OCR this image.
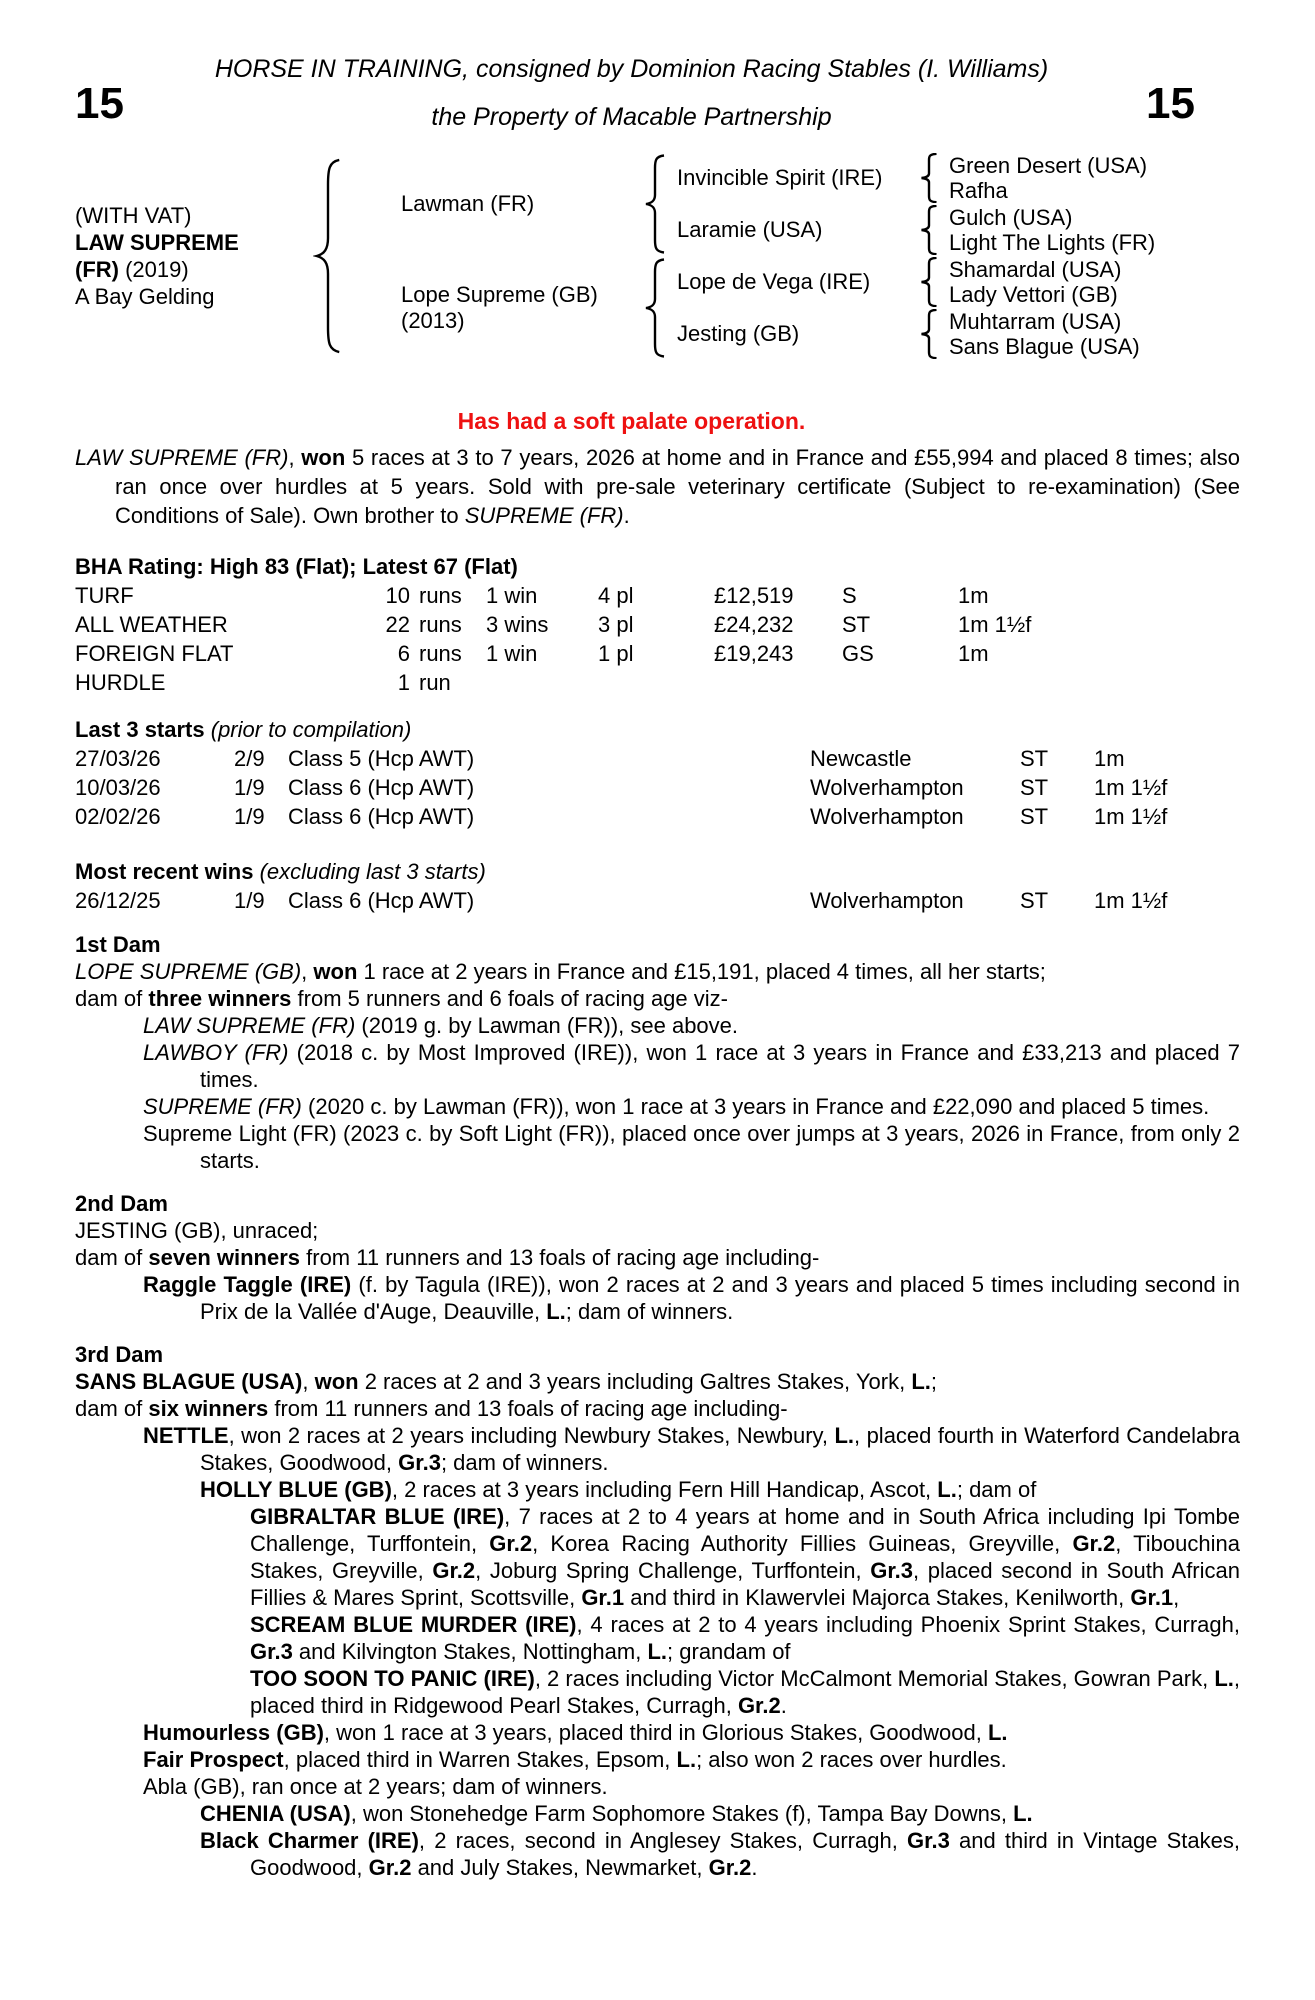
15	15
HORSE IN TRAINING, consigned by Dominion Racing Stables (I. Williams)
the Property of Macable Partnership
(WITH VAT)
LAW SUPREME
(FR) (2019)
A Bay Gelding
Lawman (FR)
Invincible Spirit (IRE)	Green Desert (USA)
Rafha
Laramie (USA)	Gulch (USA)
Light The Lights (FR)
Lope Supreme (GB)
(2013)
Lope de Vega (IRE)	Shamardal (USA)
Lady Vettori (GB)
Jesting (GB)	Muhtarram (USA)
Sans Blague (USA)
Has had a soft palate operation.

LAW SUPREME (FR), won 5 races at 3 to 7 years, 2026 at home and in France and £55,994 and placed 8 times; also ran once over hurdles at 5 years. Sold with pre-sale veterinary certificate (Subject to re-examination) (See Conditions of Sale). Own brother to SUPREME (FR).

BHA Rating: High 83 (Flat); Latest 67 (Flat)
TURF	10 runs	1 win	4 pl	£12,519	S	1m
ALL WEATHER	22 runs	3 wins	3 pl	£24,232	ST	1m 1½f
FOREIGN FLAT	6 runs	1 win	1 pl	£19,243	GS	1m
HURDLE	1 run
Last 3 starts (prior to compilation)
27/03/26	2/9	Class 5 (Hcp AWT)	Newcastle	ST	1m
10/03/26	1/9	Class 6 (Hcp AWT)	Wolverhampton	ST	1m 1½f
02/02/26	1/9	Class 6 (Hcp AWT)	Wolverhampton	ST	1m 1½f
Most recent wins (excluding last 3 starts)
26/12/25	1/9	Class 6 (Hcp AWT)	Wolverhampton	ST	1m 1½f
1st Dam

LOPE SUPREME (GB), won 1 race at 2 years in France and £15,191, placed 4 times, all her starts;

dam of three winners from 5 runners and 6 foals of racing age viz-

LAW SUPREME (FR) (2019 g. by Lawman (FR)), see above.

LAWBOY (FR) (2018 c. by Most Improved (IRE)), won 1 race at 3 years in France and £33,213 and placed 7 times.

SUPREME (FR) (2020 c. by Lawman (FR)), won 1 race at 3 years in France and £22,090 and placed 5 times.

Supreme Light (FR) (2023 c. by Soft Light (FR)), placed once over jumps at 3 years, 2026 in France, from only 2 starts.

2nd Dam

JESTING (GB), unraced;

dam of seven winners from 11 runners and 13 foals of racing age including-

Raggle Taggle (IRE) (f. by Tagula (IRE)), won 2 races at 2 and 3 years and placed 5 times including second in Prix de la Vallée d'Auge, Deauville, L.; dam of winners.

3rd Dam

SANS BLAGUE (USA), won 2 races at 2 and 3 years including Galtres Stakes, York, L.;

dam of six winners from 11 runners and 13 foals of racing age including-

NETTLE, won 2 races at 2 years including Newbury Stakes, Newbury, L., placed fourth in Waterford Candelabra Stakes, Goodwood, Gr.3; dam of winners.

HOLLY BLUE (GB), 2 races at 3 years including Fern Hill Handicap, Ascot, L.; dam of

GIBRALTAR BLUE (IRE), 7 races at 2 to 4 years at home and in South Africa including Ipi Tombe Challenge, Turffontein, Gr.2, Korea Racing Authority Fillies Guineas, Greyville, Gr.2, Tibouchina Stakes, Greyville, Gr.2, Joburg Spring Challenge, Turffontein, Gr.3, placed second in South African Fillies & Mares Sprint, Scottsville, Gr.1 and third in Klawervlei Majorca Stakes, Kenilworth, Gr.1,

SCREAM BLUE MURDER (IRE), 4 races at 2 to 4 years including Phoenix Sprint Stakes, Curragh, Gr.3 and Kilvington Stakes, Nottingham, L.; grandam of

TOO SOON TO PANIC (IRE), 2 races including Victor McCalmont Memorial Stakes, Gowran Park, L., placed third in Ridgewood Pearl Stakes, Curragh, Gr.2.

Humourless (GB), won 1 race at 3 years, placed third in Glorious Stakes, Goodwood, L.

Fair Prospect, placed third in Warren Stakes, Epsom, L.; also won 2 races over hurdles.

Abla (GB), ran once at 2 years; dam of winners.

CHENIA (USA), won Stonehedge Farm Sophomore Stakes (f), Tampa Bay Downs, L.

Black Charmer (IRE), 2 races, second in Anglesey Stakes, Curragh, Gr.3 and third in Vintage Stakes, Goodwood, Gr.2 and July Stakes, Newmarket, Gr.2.
